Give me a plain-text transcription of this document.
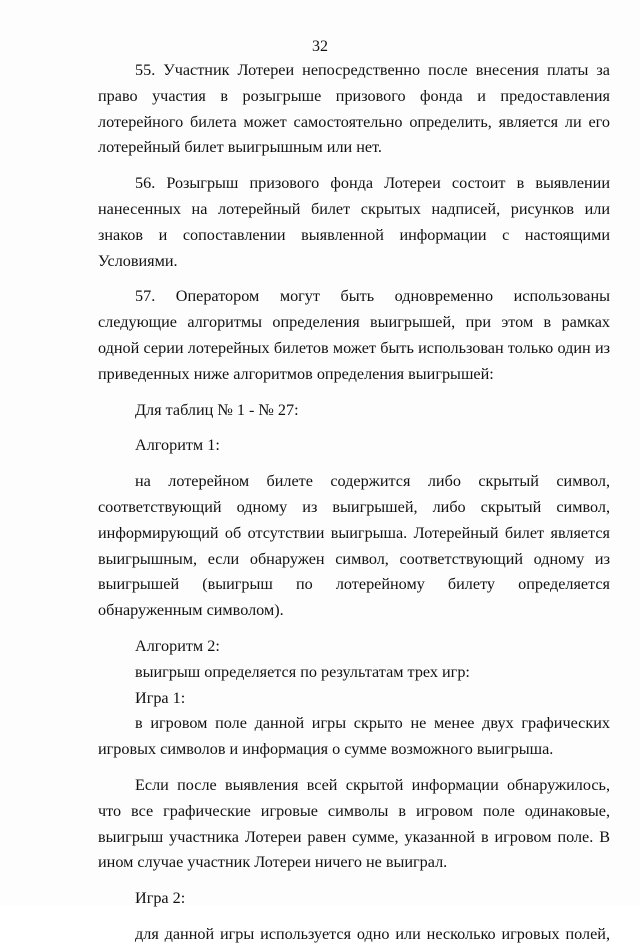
32

55. Участник Лотереи непосредственно после внесения платы за право участия в розыгрыше призового фонда и предоставления лотерейного билета может самостоятельно определить, является ли его лотерейный билет выигрышным или нет.

56. Розыгрыш призового фонда Лотереи состоит в выявлении нанесенных на лотерейный билет скрытых надписей, рисунков или знаков и сопоставлении выявленной информации с настоящими Условиями.

57. Оператором могут быть одновременно использованы следующие алгоритмы определения выигрышей, при этом в рамках одной серии лотерейных билетов может быть использован только один из приведенных ниже алгоритмов определения выигрышей:

Для таблиц № 1 - № 27:

Алгоритм 1:

на лотерейном билете содержится либо скрытый символ, соответствующий одному из выигрышей, либо скрытый символ, информирующий об отсутствии выигрыша. Лотерейный билет является выигрышным, если обнаружен символ, соответствующий одному из выигрышей (выигрыш по лотерейному билету определяется обнаруженным символом).

Алгоритм 2:

выигрыш определяется по результатам трех игр:

Игра 1:

в игровом поле данной игры скрыто не менее двух графических игровых символов и информация о сумме возможного выигрыша.

Если после выявления всей скрытой информации обнаружилось, что все графические игровые символы в игровом поле одинаковые, выигрыш участника Лотереи равен сумме, указанной в игровом поле. В ином случае участник Лотереи ничего не выиграл.

Игра 2:

для данной игры используется одно или несколько игровых полей,
